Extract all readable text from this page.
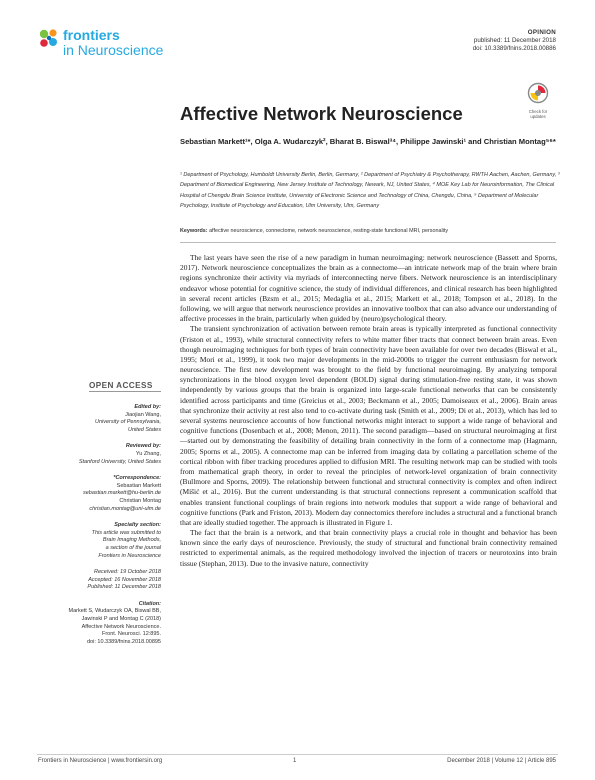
frontiers
in Neuroscience
OPINION
published: 11 December 2018
doi: 10.3389/fnins.2018.00886
Check for
updates
Affective Network Neuroscience
Sebastian Markett¹*, Olga A. Wudarczyk², Bharat B. Biswal³⁴, Philippe Jawinski¹ and Christian Montag⁵⁶*
¹ Department of Psychology, Humboldt University Berlin, Berlin, Germany, ² Department of Psychiatry & Psychotherapy, RWTH Aachen, Aachen, Germany, ³ Department of Biomedical Engineering, New Jersey Institute of Technology, Newark, NJ, United States, ⁴ MOE Key Lab for Neuroinformation, The Clinical Hospital of Chengdu Brain Science Institute, University of Electronic Science and Technology of China, Chengdu, China, ⁵ Department of Molecular Psychology, Institute of Psychology and Education, Ulm University, Ulm, Germany
Keywords: affective neuroscience, connectome, network neuroscience, resting-state functional MRI, personality
OPEN ACCESS
Edited by:
Jiaojian Wang,
University of Pennsylvania,
United States
Reviewed by:
Yu Zhang,
Stanford University, United States
*Correspondence:
Sebastian Markett
sebastian.markett@hu-berlin.de
Christian Montag
christian.montag@uni-ulm.de
Specialty section:
This article was submitted to
Brain Imaging Methods,
a section of the journal
Frontiers in Neuroscience
Received: 19 October 2018
Accepted: 16 November 2018
Published: 11 December 2018
Citation:
Markett S, Wudarczyk OA, Biswal BB,
Jawinski P and Montag C (2018)
Affective Network Neuroscience.
Front. Neurosci. 12:895.
doi: 10.3389/fnins.2018.00895

The last years have seen the rise of a new paradigm in human neuroimaging: network neuroscience (Bassett and Sporns, 2017). Network neuroscience conceptualizes the brain as a connectome—an intricate network map of the brain where brain regions synchronize their activity via myriads of interconnecting nerve fibers. Network neuroscience is an interdisciplinary endeavor whose potential for cognitive science, the study of individual differences, and clinical research has been highlighted in several recent articles (Bzsm et al., 2015; Medaglia et al., 2015; Markett et al., 2018; Tompson et al., 2018). In the following, we will argue that network neuroscience provides an innovative toolbox that can also advance our understanding of affective processes in the brain, particularly when guided by (neuro)psychological theory.

The transient synchronization of activation between remote brain areas is typically interpreted as functional connectivity (Friston et al., 1993), while structural connectivity refers to white matter fiber tracts that connect between brain areas. Even though neuroimaging techniques for both types of brain connectivity have been available for over two decades (Biswal et al., 1995; Mori et al., 1999), it took two major developments in the mid-2000s to trigger the current enthusiasm for network neuroscience. The first new development was brought to the field by functional neuroimaging. By analyzing temporal synchronizations in the blood oxygen level dependent (BOLD) signal during stimulation-free resting state, it was shown independently by various groups that the brain is organized into large-scale functional networks that can be consistently identified across participants and time (Greicius et al., 2003; Beckmann et al., 2005; Damoiseaux et al., 2006). Brain areas that synchronize their activity at rest also tend to co-activate during task (Smith et al., 2009; Di et al., 2013), which has led to several systems neuroscience accounts of how functional networks might interact to support a wide range of behavioral and cognitive functions (Dosenbach et al., 2008; Menon, 2011). The second paradigm—based on structural neuroimaging at first—started out by demonstrating the feasibility of detailing brain connectivity in the form of a connectome map (Hagmann, 2005; Sporns et al., 2005). A connectome map can be inferred from imaging data by collating a parcellation scheme of the cortical ribbon with fiber tracking procedures applied to diffusion MRI. The resulting network map can be studied with tools from mathematical graph theory, in order to reveal the principles of network-level organization of brain connectivity (Bullmore and Sporns, 2009). The relationship between functional and structural connectivity is complex and often indirect (Mišić et al., 2016). But the current understanding is that structural connections represent a communication scaffold that enables transient functional couplings of brain regions into network modules that support a wide range of behavioral and cognitive functions (Park and Friston, 2013). Modern day connectomics therefore includes a structural and a functional branch that are ideally studied together. The approach is illustrated in Figure 1.

The fact that the brain is a network, and that brain connectivity plays a crucial role in thought and behavior has been known since the early days of neuroscience. Previously, the study of structural and functional brain connectivity remained restricted to experimental animals, as the required methodology involved the injection of tracers or neurotoxins into brain tissue (Stephan, 2013). Due to the invasive nature, connectivity

Frontiers in Neuroscience | www.frontiersin.org	1	December 2018 | Volume 12 | Article 895
